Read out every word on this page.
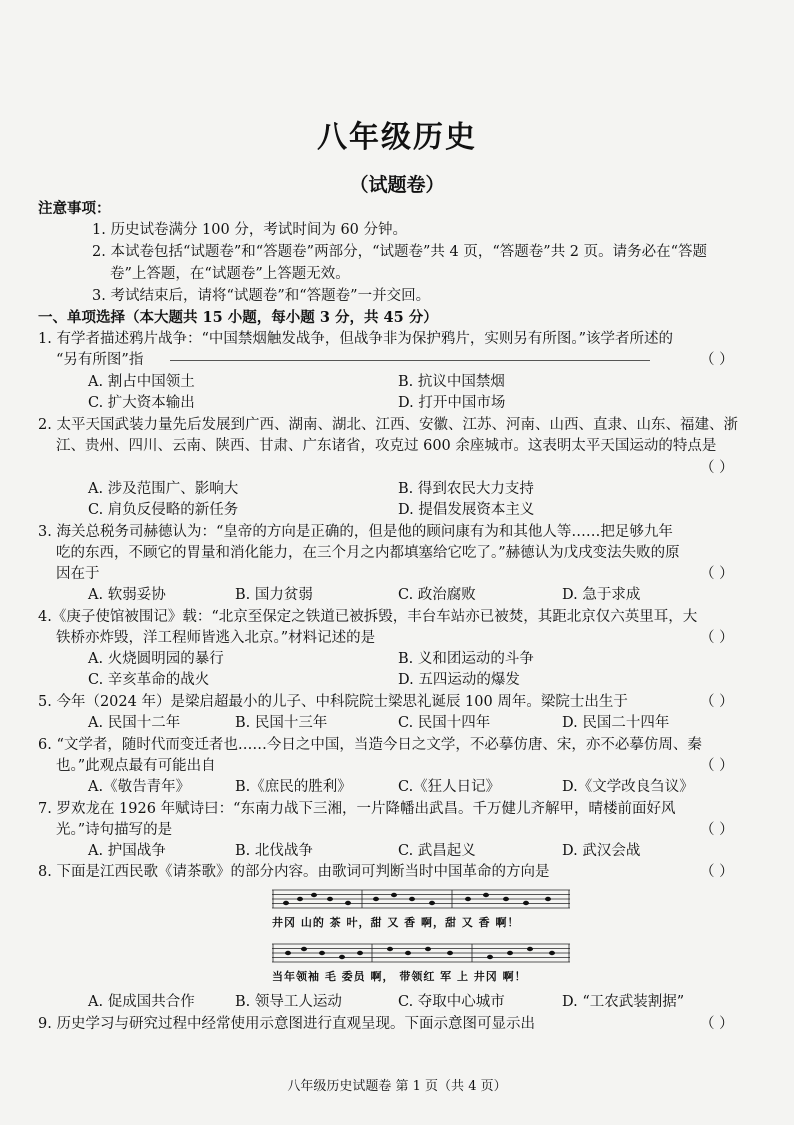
八年级历史
（试题卷）
注意事项：
1. 历史试卷满分 100 分，考试时间为 60 分钟。
2. 本试卷包括“试题卷”和“答题卷”两部分，“试题卷”共 4 页，“答题卷”共 2 页。请务必在“答题
卷”上答题，在“试题卷”上答题无效。
3. 考试结束后，请将“试题卷”和“答题卷”一并交回。
一、单项选择（本大题共 15 小题，每小题 3 分，共 45 分）
1. 有学者描述鸦片战争：“中国禁烟触发战争，但战争非为保护鸦片，实则另有所图。”该学者所述的
“另有所图”指	（ ）
A. 割占中国领土	B. 抗议中国禁烟
C. 扩大资本输出	D. 打开中国市场
2. 太平天国武装力量先后发展到广西、湖南、湖北、江西、安徽、江苏、河南、山西、直隶、山东、福建、浙
江、贵州、四川、云南、陕西、甘肃、广东诸省，攻克过 600 余座城市。这表明太平天国运动的特点是
（ ）
A. 涉及范围广、影响大	B. 得到农民大力支持
C. 肩负反侵略的新任务	D. 提倡发展资本主义
3. 海关总税务司赫德认为：“皇帝的方向是正确的，但是他的顾问康有为和其他人等……把足够九年
吃的东西，不顾它的胃量和消化能力，在三个月之内都填塞给它吃了。”赫德认为戊戌变法失败的原
因在于	（ ）
A. 软弱妥协	B. 国力贫弱	C. 政治腐败	D. 急于求成
4.《庚子使馆被围记》载：“北京至保定之铁道已被拆毁，丰台车站亦已被焚，其距北京仅六英里耳，大
铁桥亦炸毁，洋工程师皆逃入北京。”材料记述的是	（ ）
A. 火烧圆明园的暴行	B. 义和团运动的斗争
C. 辛亥革命的战火	D. 五四运动的爆发
5. 今年（2024 年）是梁启超最小的儿子、中科院院士梁思礼诞辰 100 周年。梁院士出生于	（ ）
A. 民国十二年	B. 民国十三年	C. 民国十四年	D. 民国二十四年
6. “文学者，随时代而变迁者也……今日之中国，当造今日之文学，不必摹仿唐、宋，亦不必摹仿周、秦
也。”此观点最有可能出自	（ ）
A.《敬告青年》	B.《庶民的胜利》	C.《狂人日记》	D.《文学改良刍议》
7. 罗欢龙在 1926 年赋诗曰：“东南力战下三湘，一片降幡出武昌。千万健儿齐解甲，晴楼前面好风
光。”诗句描写的是	（ ）
A. 护国战争	B. 北伐战争	C. 武昌起义	D. 武汉会战
8. 下面是江西民歌《请茶歌》的部分内容。由歌词可判断当时中国革命的方向是	（ ）
井冈 山的 茶 叶，甜 又 香 啊，甜 又 香 啊！
当年领袖 毛 委员 啊， 带领红 军 上 井冈 啊！
A. 促成国共合作	B. 领导工人运动	C. 夺取中心城市	D. “工农武装割据”
9. 历史学习与研究过程中经常使用示意图进行直观呈现。下面示意图可显示出	（ ）
八年级历史试题卷 第 1 页（共 4 页）
